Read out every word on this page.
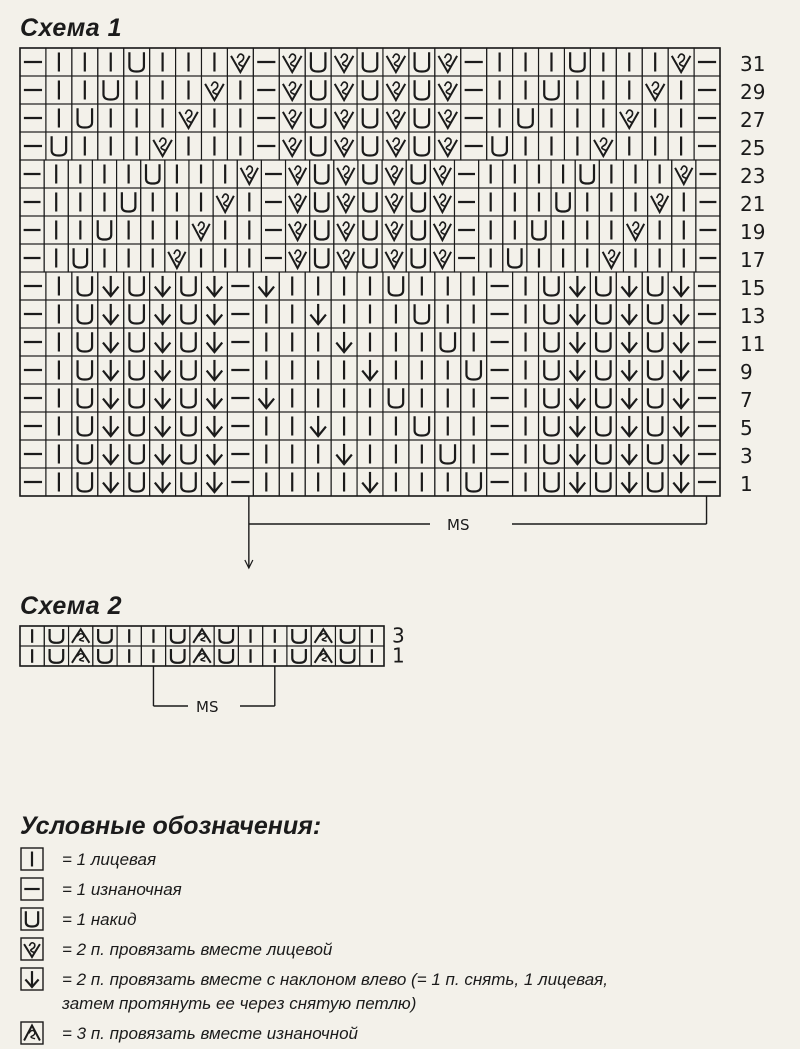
Схема 1
31
29
27
25
23
21
19
17
15
13
11
9
7
5
3
1
MS
Схема 2
3
1
MS
Условные обозначения:
= 1 лицевая
= 1 изнаночная
= 1 накид
= 2 п. провязать вместе лицевой
= 2 п. провязать вместе с наклоном влево (= 1 п. снять, 1 лицевая,
затем протянуть ее через снятую петлю)
= 3 п. провязать вместе изнаночной
